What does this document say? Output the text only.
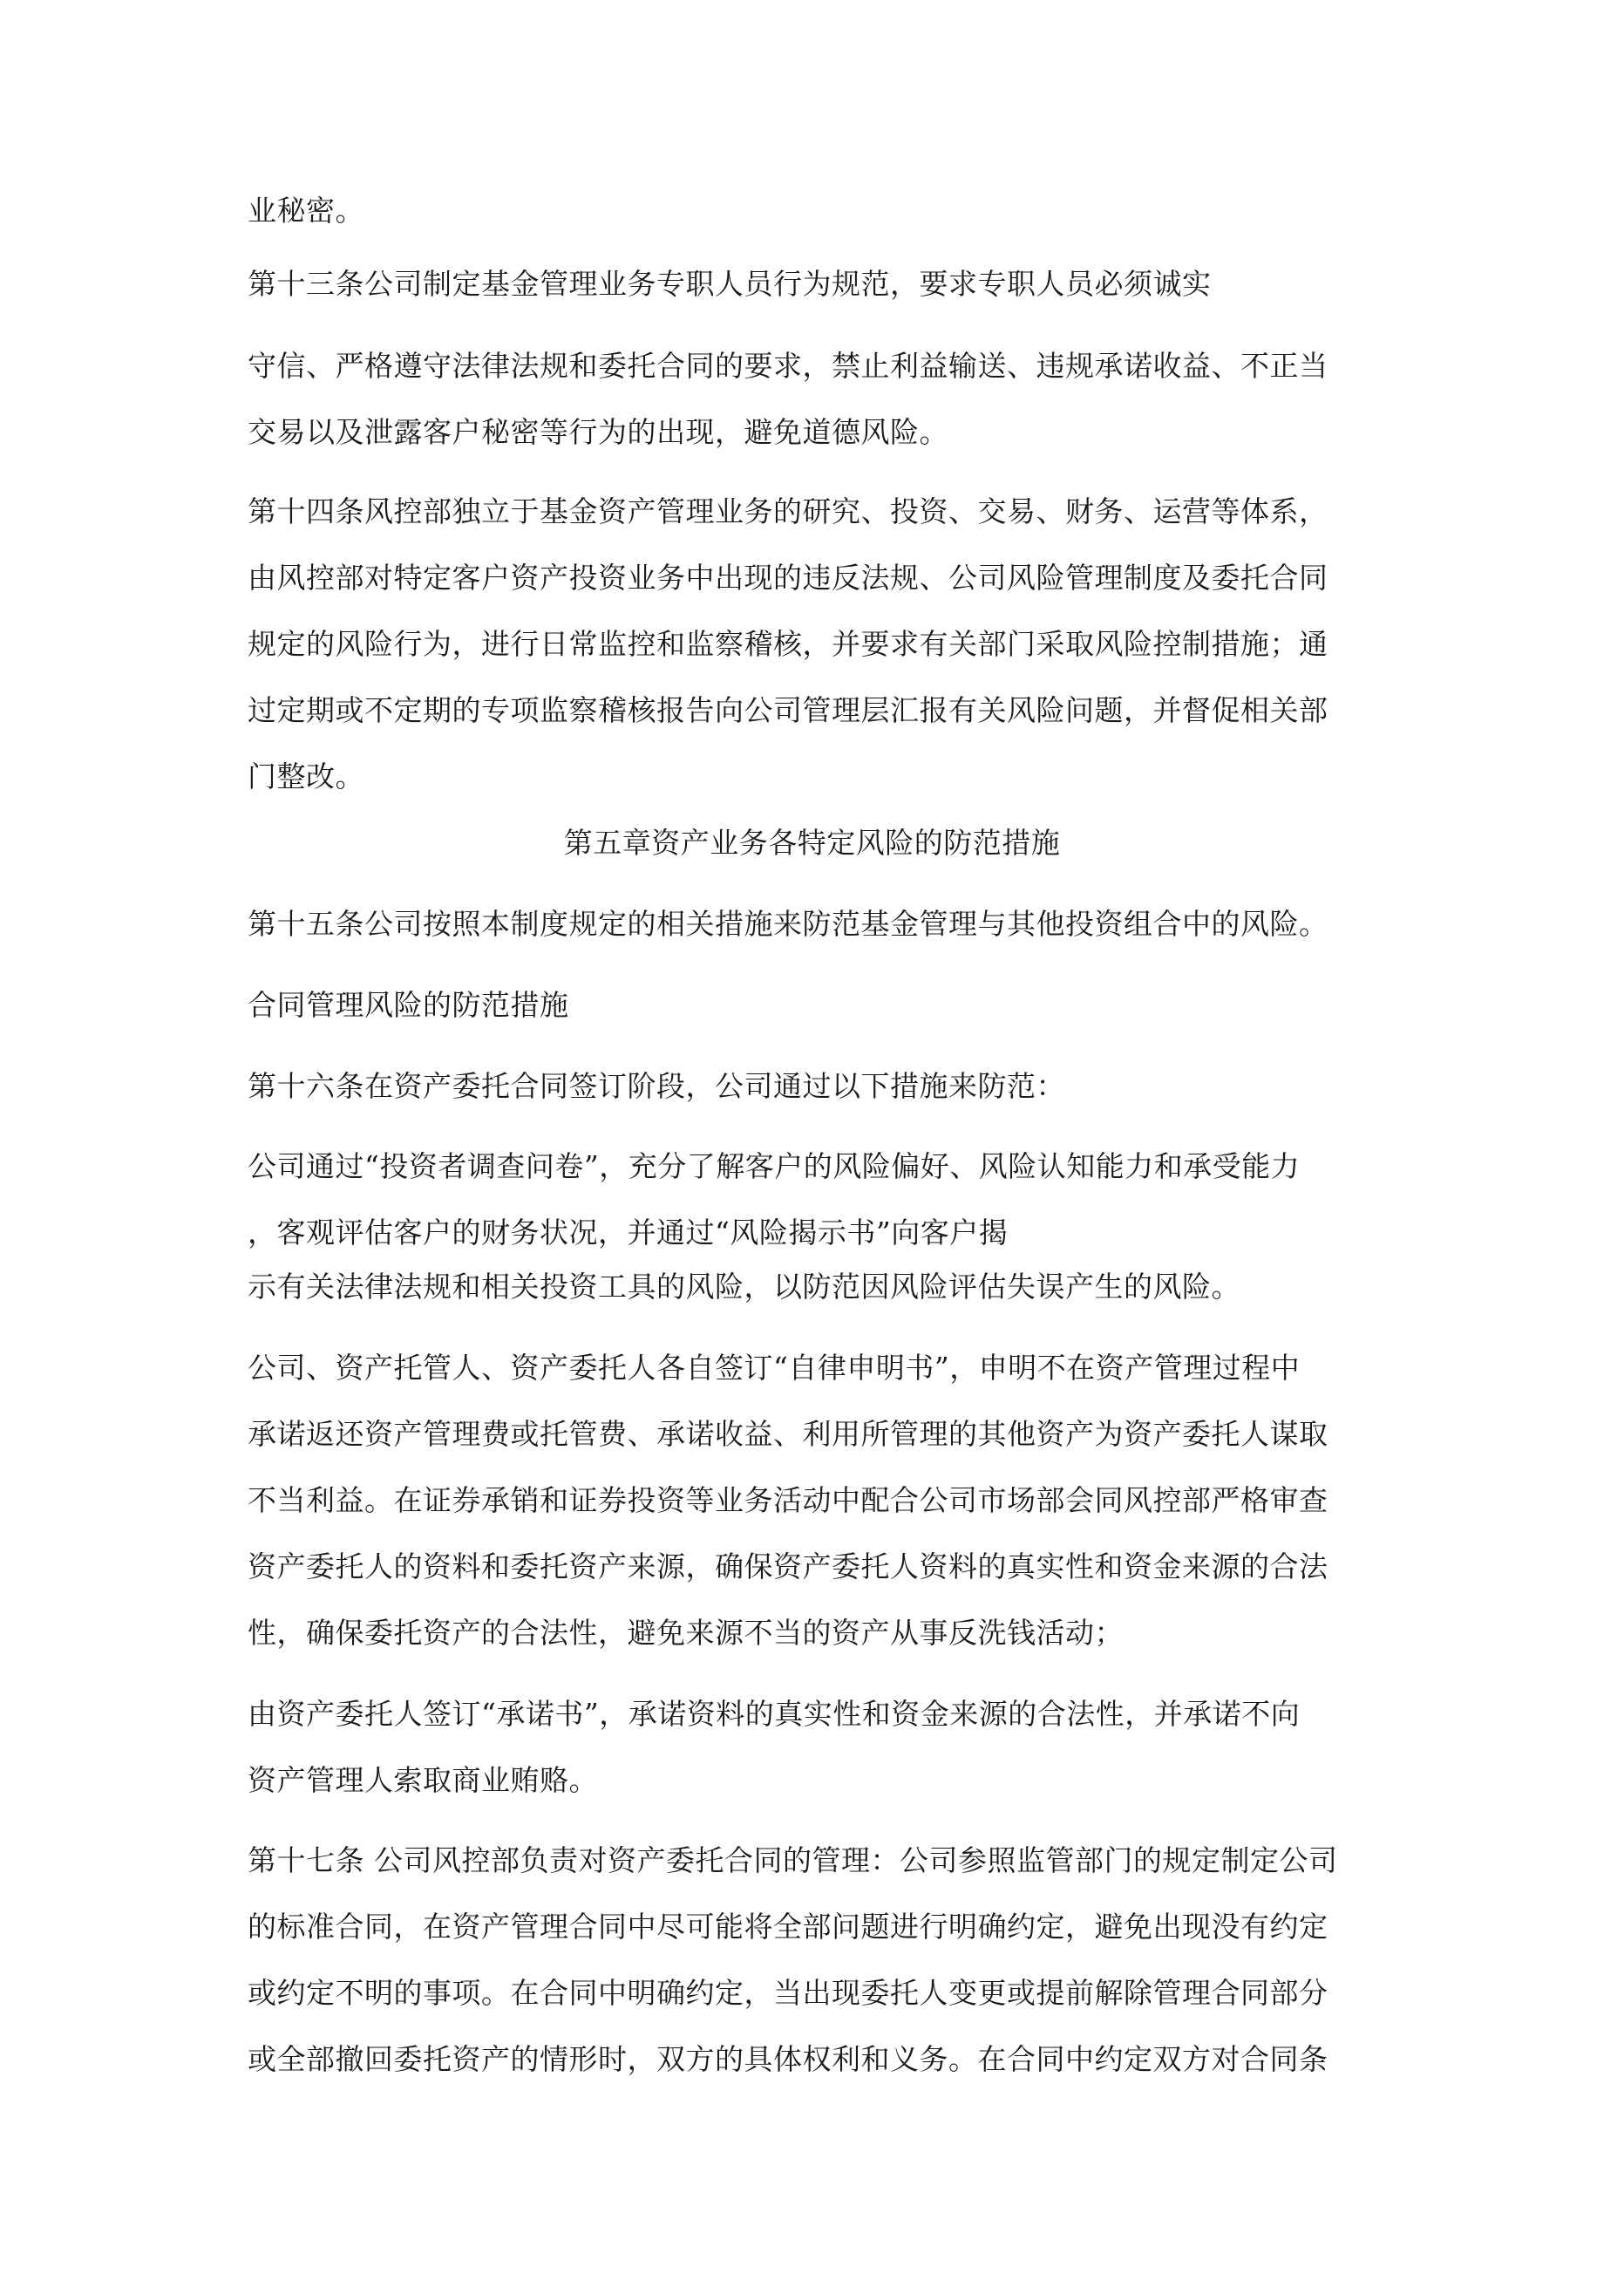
业秘密。
第十三条公司制定基金管理业务专职人员行为规范，要求专职人员必须诚实
守信、严格遵守法律法规和委托合同的要求，禁止利益输送、违规承诺收益、不正当
交易以及泄露客户秘密等行为的出现，避免道德风险。
第十四条风控部独立于基金资产管理业务的研究、投资、交易、财务、运营等体系，
由风控部对特定客户资产投资业务中出现的违反法规、公司风险管理制度及委托合同
规定的风险行为，进行日常监控和监察稽核，并要求有关部门采取风险控制措施；通
过定期或不定期的专项监察稽核报告向公司管理层汇报有关风险问题，并督促相关部
门整改。
第五章资产业务各特定风险的防范措施
第十五条公司按照本制度规定的相关措施来防范基金管理与其他投资组合中的风险。
合同管理风险的防范措施
第十六条在资产委托合同签订阶段，公司通过以下措施来防范：
公司通过“投资者调查问卷”，充分了解客户的风险偏好、风险认知能力和承受能力
，客观评估客户的财务状况，并通过“风险揭示书”向客户揭
示有关法律法规和相关投资工具的风险，以防范因风险评估失误产生的风险。
公司、资产托管人、资产委托人各自签订“自律申明书”，申明不在资产管理过程中
承诺返还资产管理费或托管费、承诺收益、利用所管理的其他资产为资产委托人谋取
不当利益。在证券承销和证券投资等业务活动中配合公司市场部会同风控部严格审查
资产委托人的资料和委托资产来源，确保资产委托人资料的真实性和资金来源的合法
性，确保委托资产的合法性，避免来源不当的资产从事反洗钱活动；
由资产委托人签订“承诺书”，承诺资料的真实性和资金来源的合法性，并承诺不向
资产管理人索取商业贿赂。
第十七条 公司风控部负责对资产委托合同的管理：公司参照监管部门的规定制定公司
的标准合同，在资产管理合同中尽可能将全部问题进行明确约定，避免出现没有约定
或约定不明的事项。在合同中明确约定，当出现委托人变更或提前解除管理合同部分
或全部撤回委托资产的情形时，双方的具体权利和义务。在合同中约定双方对合同条
